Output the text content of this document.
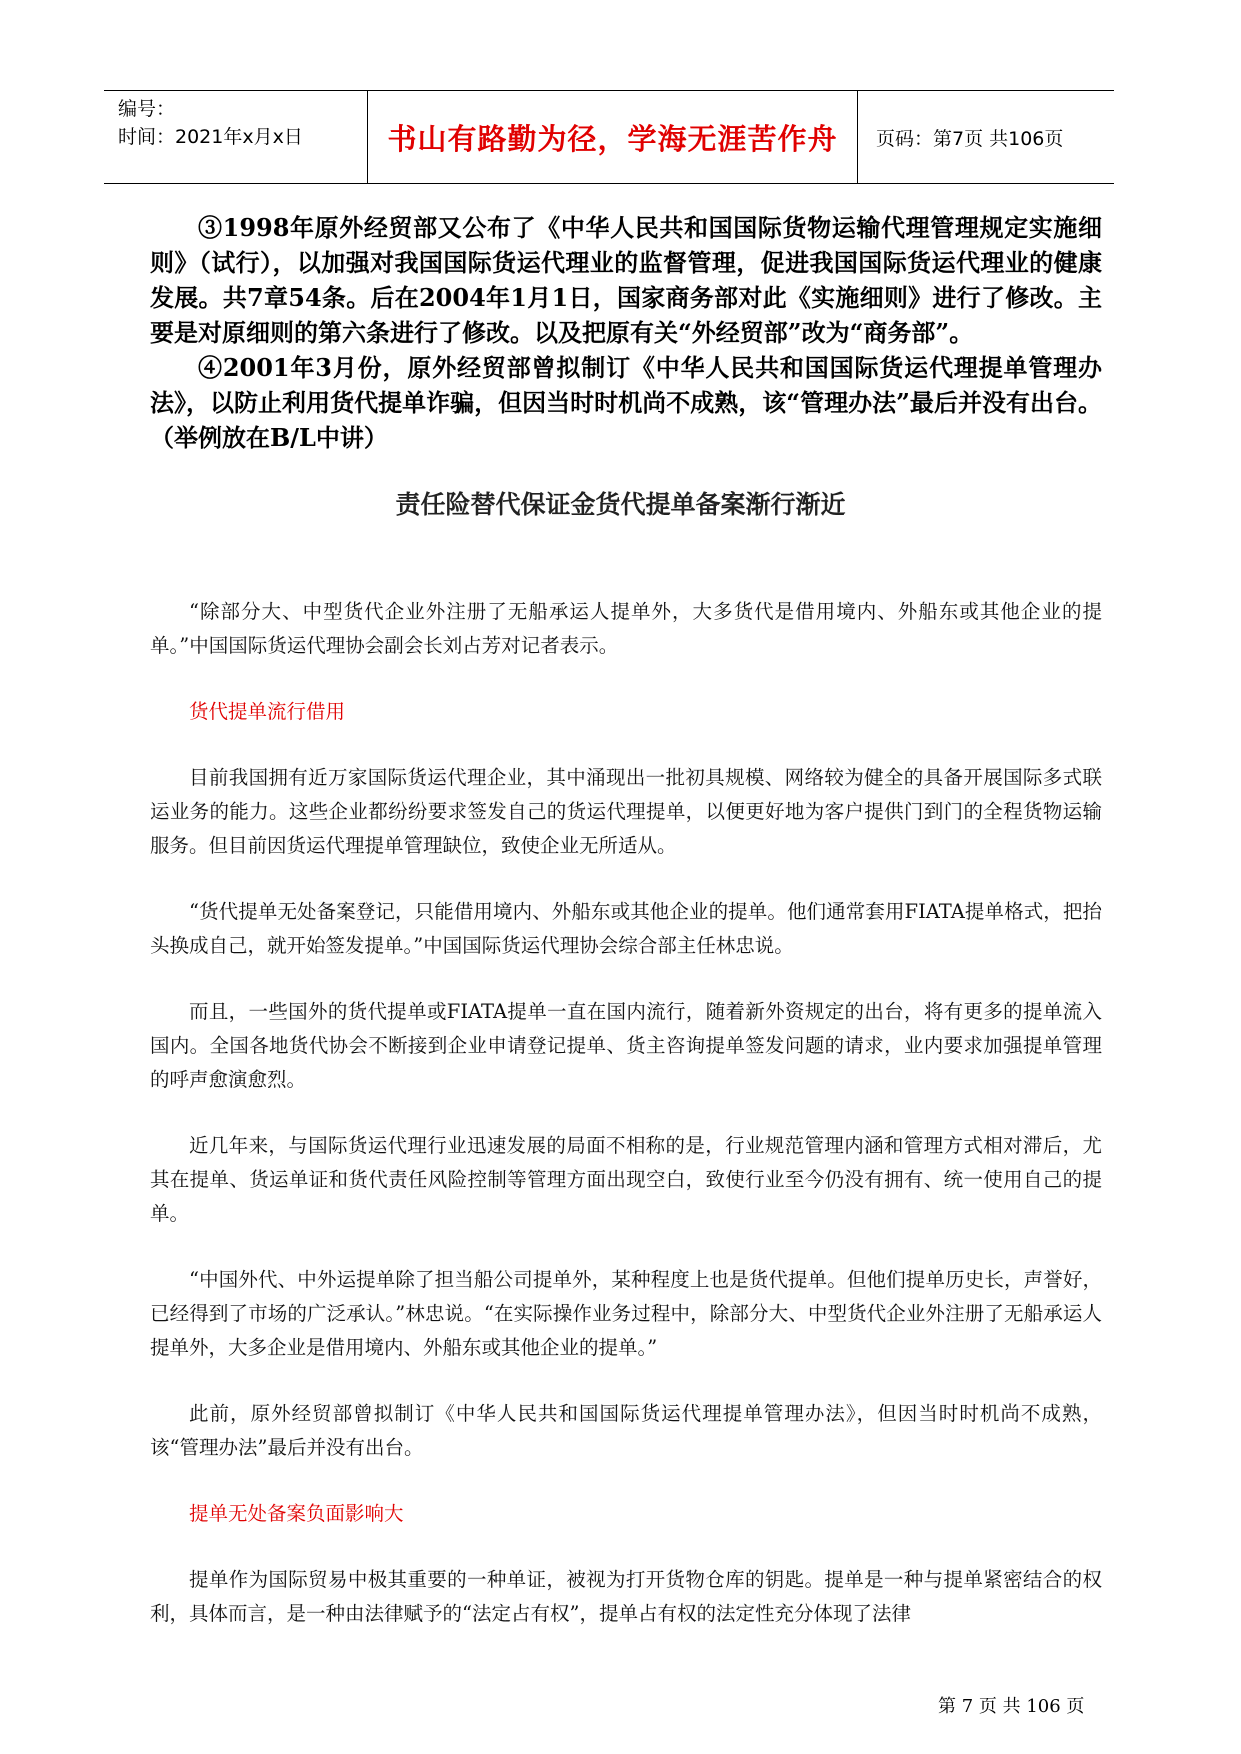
编号：
时间：2021年x月x日	书山有路勤为径，学海无涯苦作舟 页码：第7页 共106页

③1998年原外经贸部又公布了《中华人民共和国国际货物运输代理管理规定实施细则》（试行），以加强对我国国际货运代理业的监督管理，促进我国国际货运代理业的健康发展。共7章54条。后在2004年1月1日，国家商务部对此《实施细则》进行了修改。主要是对原细则的第六条进行了修改。以及把原有关“外经贸部”改为“商务部”。

④2001年3月份，原外经贸部曾拟制订《中华人民共和国国际货运代理提单管理办法》，以防止利用货代提单诈骗，但因当时时机尚不成熟，该“管理办法”最后并没有出台。（举例放在B/L中讲）

责任险替代保证金货代提单备案渐行渐近

“除部分大、中型货代企业外注册了无船承运人提单外，大多货代是借用境内、外船东或其他企业的提单。”中国国际货运代理协会副会长刘占芳对记者表示。

货代提单流行借用

目前我国拥有近万家国际货运代理企业，其中涌现出一批初具规模、网络较为健全的具备开展国际多式联运业务的能力。这些企业都纷纷要求签发自己的货运代理提单，以便更好地为客户提供门到门的全程货物运输服务。但目前因货运代理提单管理缺位，致使企业无所适从。

“货代提单无处备案登记，只能借用境内、外船东或其他企业的提单。他们通常套用FIATA提单格式，把抬头换成自己，就开始签发提单。”中国国际货运代理协会综合部主任林忠说。

而且，一些国外的货代提单或FIATA提单一直在国内流行，随着新外资规定的出台，将有更多的提单流入国内。全国各地货代协会不断接到企业申请登记提单、货主咨询提单签发问题的请求，业内要求加强提单管理的呼声愈演愈烈。

近几年来，与国际货运代理行业迅速发展的局面不相称的是，行业规范管理内涵和管理方式相对滞后，尤其在提单、货运单证和货代责任风险控制等管理方面出现空白，致使行业至今仍没有拥有、统一使用自己的提单。

“中国外代、中外运提单除了担当船公司提单外，某种程度上也是货代提单。但他们提单历史长，声誉好，已经得到了市场的广泛承认。”林忠说。“在实际操作业务过程中，除部分大、中型货代企业外注册了无船承运人提单外，大多企业是借用境内、外船东或其他企业的提单。”

此前，原外经贸部曾拟制订《中华人民共和国国际货运代理提单管理办法》，但因当时时机尚不成熟，该“管理办法”最后并没有出台。

提单无处备案负面影响大

提单作为国际贸易中极其重要的一种单证，被视为打开货物仓库的钥匙。提单是一种与提单紧密结合的权利，具体而言，是一种由法律赋予的“法定占有权”，提单占有权的法定性充分体现了法律

第 7 页 共 106 页
